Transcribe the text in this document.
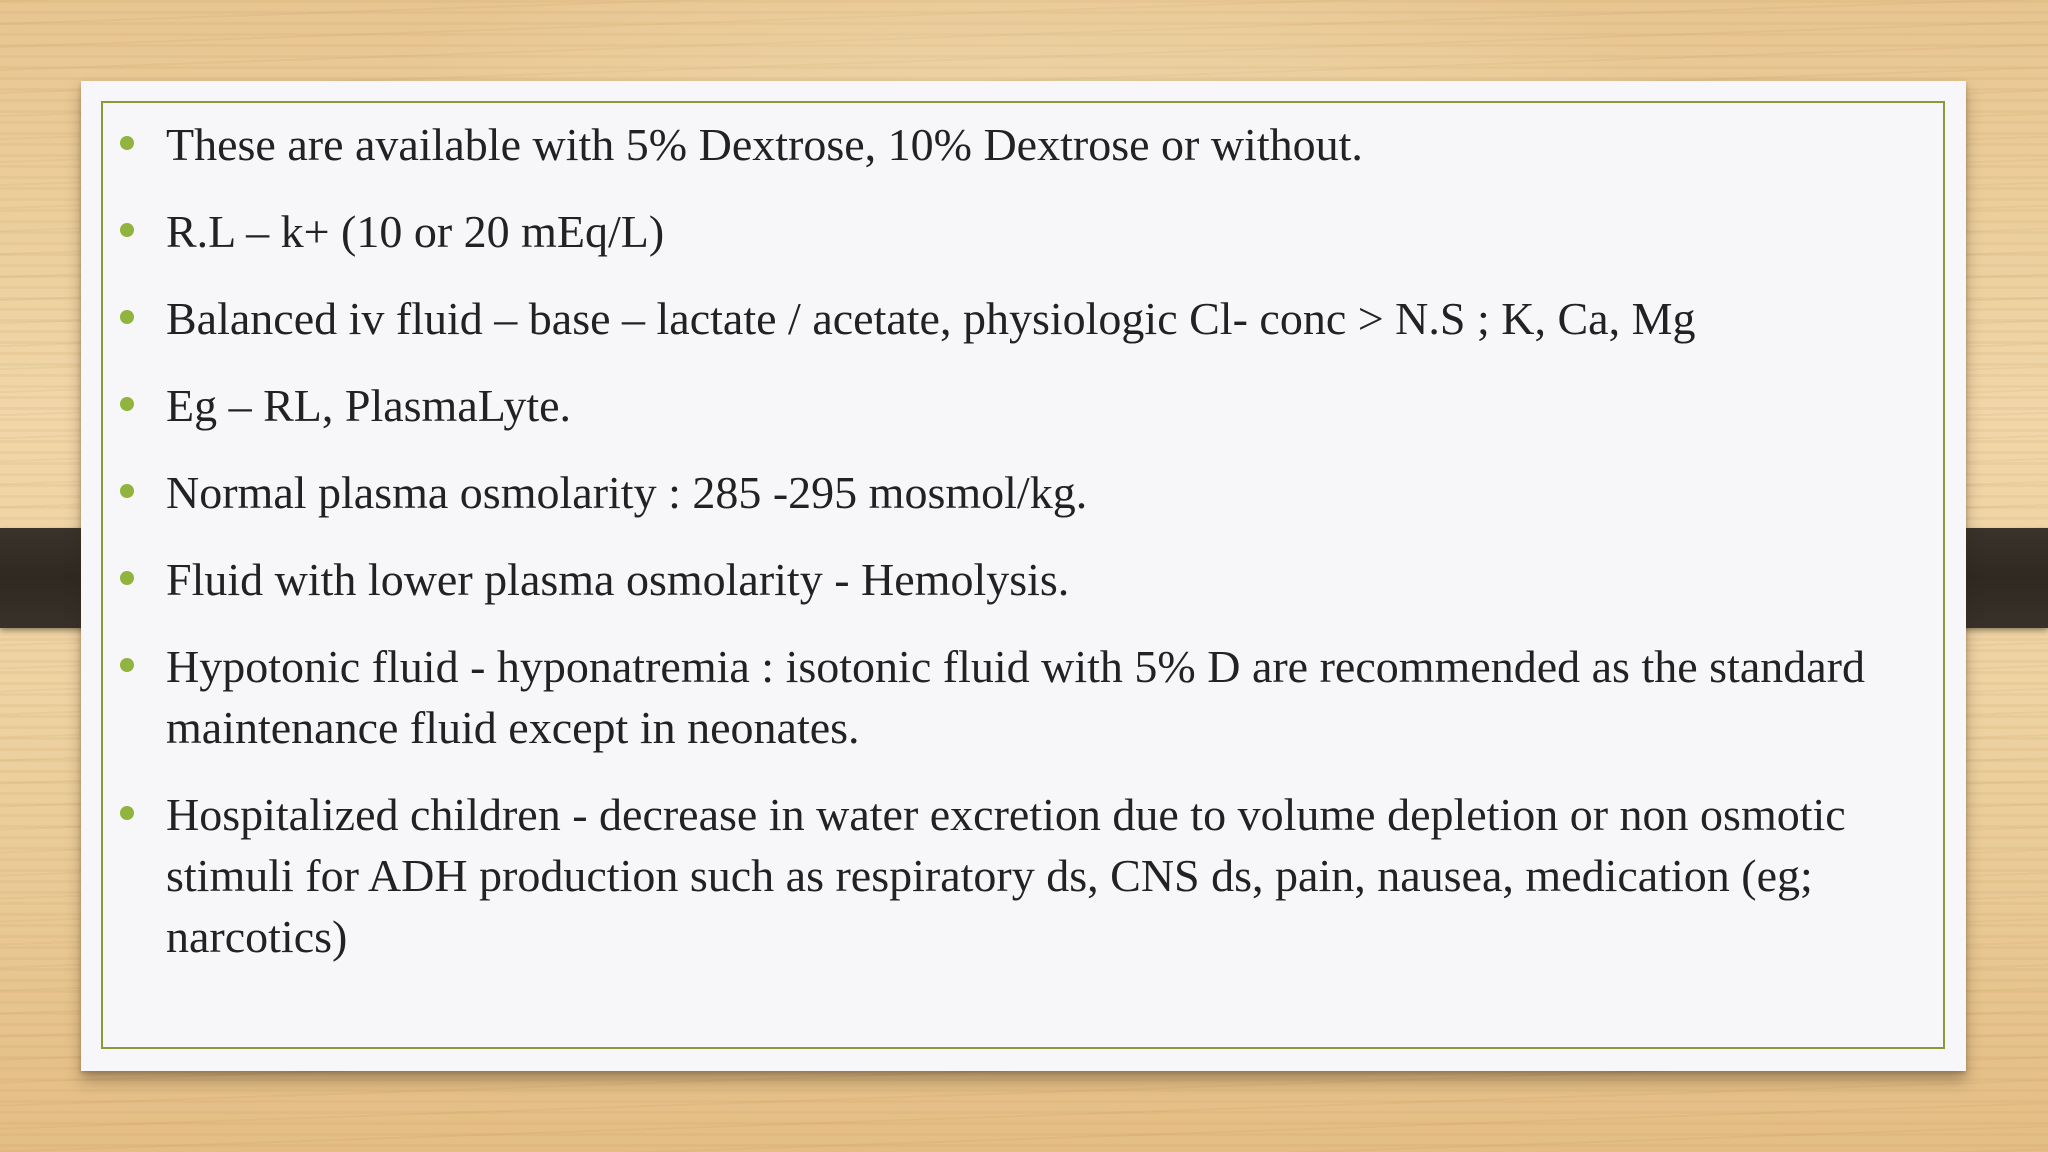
These are available with 5% Dextrose, 10% Dextrose or without.
R.L – k+ (10 or 20 mEq/L)
Balanced iv fluid – base – lactate / acetate, physiologic Cl- conc > N.S ; K, Ca, Mg
Eg – RL, PlasmaLyte.
Normal plasma osmolarity : 285 -295 mosmol/kg.
Fluid with lower plasma osmolarity - Hemolysis.
Hypotonic fluid - hyponatremia : isotonic fluid with 5% D are recommended as the standard maintenance fluid except in neonates.
Hospitalized children - decrease in water excretion due to volume depletion or non osmotic stimuli for ADH production such as respiratory ds, CNS ds, pain, nausea, medication (eg; narcotics)
